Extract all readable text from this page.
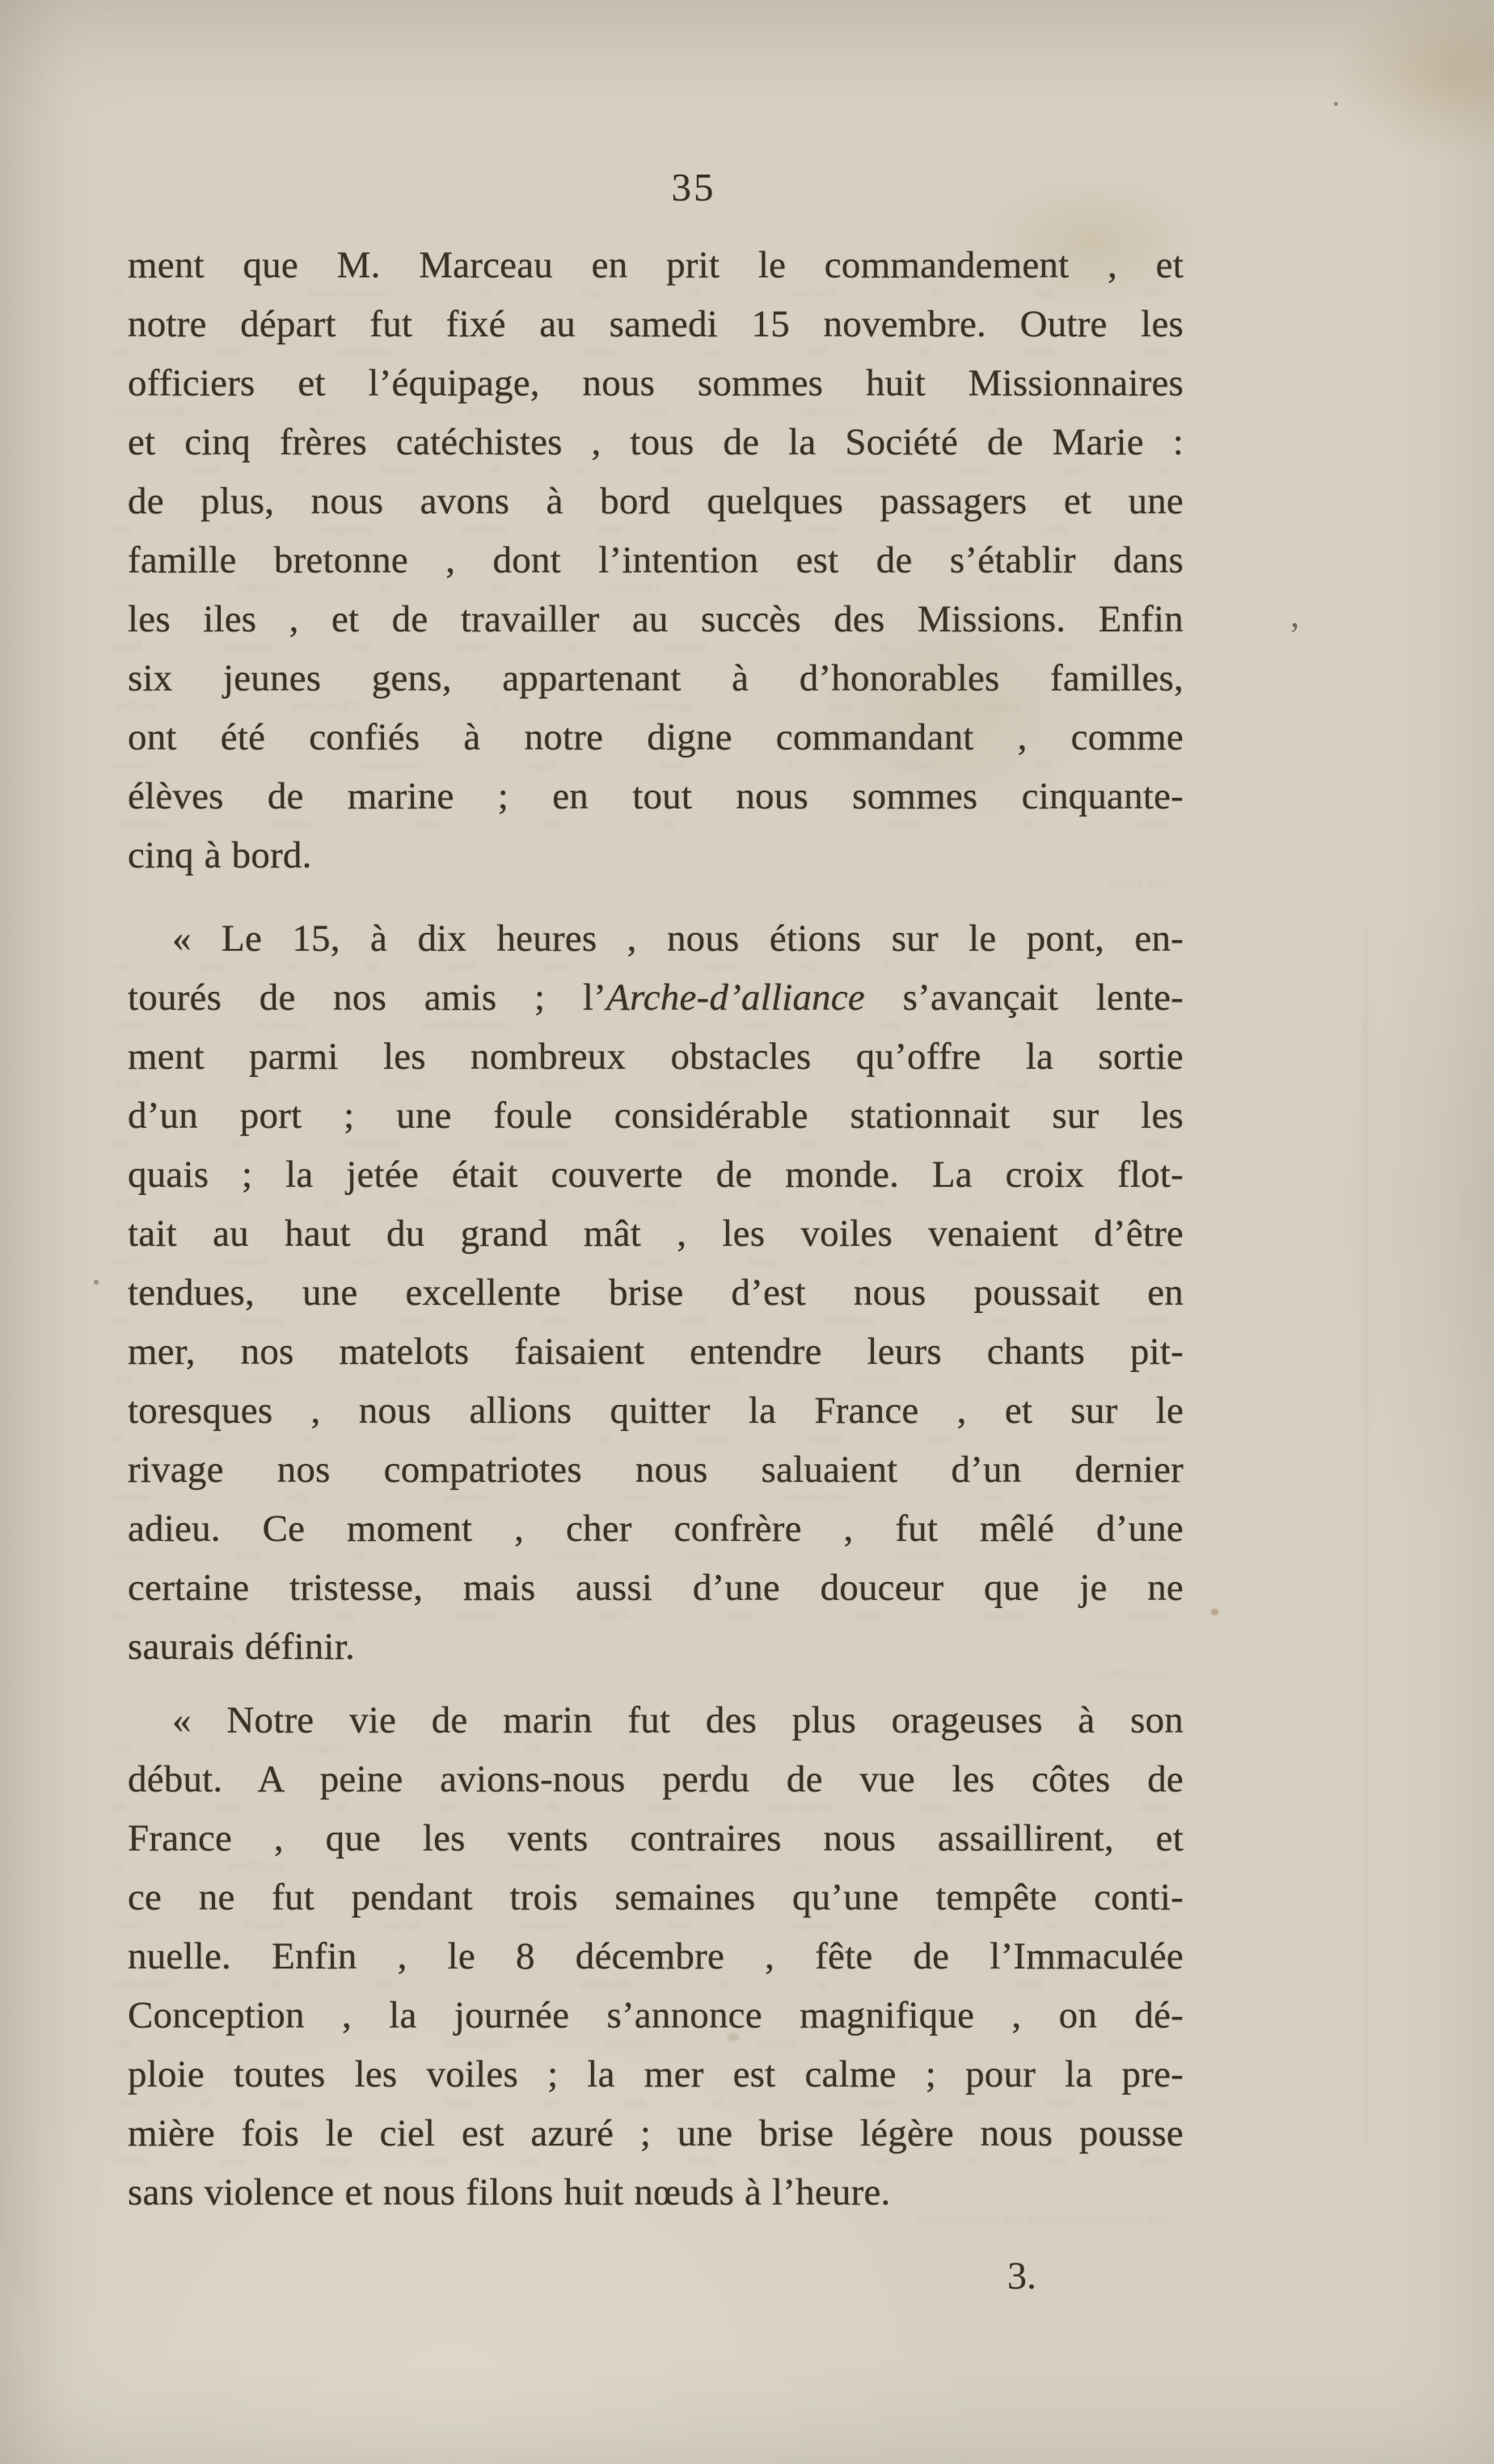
ment que M. Marceau en prit le commandement , et
notre départ fut fixé au samedi 15 novembre. Outre les
officiers et l’équipage, nous sommes huit Missionnaires
et cinq frères catéchistes , tous de la Société de Marie :
de plus, nous avons à bord quelques passagers et une
famille bretonne , dont l’intention est de s’établir dans
les iles , et de travailler au succès des Missions. Enfin
six jeunes gens, appartenant à d’honorables familles,
ont été confiés à notre digne commandant , comme
élèves de marine ; en tout nous sommes cinquante-
cinq à bord.
« Le 15, à dix heures , nous étions sur le pont, en-
tourés de nos amis ; l’Arche-d’alliance s’avançait lente-
ment parmi les nombreux obstacles qu’offre la sortie
d’un port ; une foule considérable stationnait sur les
quais ; la jetée était couverte de monde. La croix flot-
tait au haut du grand mât , les voiles venaient d’être
tendues, une excellente brise d’est nous poussait en
mer, nos matelots faisaient entendre leurs chants pit-
toresques , nous allions quitter la France , et sur le
rivage nos compatriotes nous saluaient d’un dernier
adieu. Ce moment , cher confrère , fut mêlé d’une
certaine tristesse, mais aussi d’une douceur que je ne
saurais définir.
« Notre vie de marin fut des plus orageuses à son
début. A peine avions-nous perdu de vue les côtes de
France , que les vents contraires nous assaillirent, et
ce ne fut pendant trois semaines qu’une tempête conti-
nuelle. Enfin , le 8 décembre , fête de l’Immaculée
Conception , la journée s’annonce magnifique , on dé-
ploie toutes les voiles ; la mer est calme ; pour la pre-
mière fois le ciel est azuré ; une brise légère nous pousse
sans violence et nous filons huit nœuds à l’heure.
35
ment que M. Marceau en prit le commandement , et
notre départ fut fixé au samedi 15 novembre. Outre les
officiers et l’équipage, nous sommes huit Missionnaires
et cinq frères catéchistes , tous de la Société de Marie :
de plus, nous avons à bord quelques passagers et une
famille bretonne , dont l’intention est de s’établir dans
les iles , et de travailler au succès des Missions. Enfin
six jeunes gens, appartenant à d’honorables familles,
ont été confiés à notre digne commandant , comme
élèves de marine ; en tout nous sommes cinquante-
cinq à bord.
« Le 15, à dix heures , nous étions sur le pont, en-
tourés de nos amis ; l’Arche-d’alliance s’avançait lente-
ment parmi les nombreux obstacles qu’offre la sortie
d’un port ; une foule considérable stationnait sur les
quais ; la jetée était couverte de monde. La croix flot-
tait au haut du grand mât , les voiles venaient d’être
tendues, une excellente brise d’est nous poussait en
mer, nos matelots faisaient entendre leurs chants pit-
toresques , nous allions quitter la France , et sur le
rivage nos compatriotes nous saluaient d’un dernier
adieu. Ce moment , cher confrère , fut mêlé d’une
certaine tristesse, mais aussi d’une douceur que je ne
saurais définir.
« Notre vie de marin fut des plus orageuses à son
début. A peine avions-nous perdu de vue les côtes de
France , que les vents contraires nous assaillirent, et
ce ne fut pendant trois semaines qu’une tempête conti-
nuelle. Enfin , le 8 décembre , fête de l’Immaculée
Conception , la journée s’annonce magnifique , on dé-
ploie toutes les voiles ; la mer est calme ; pour la pre-
mière fois le ciel est azuré ; une brise légère nous pousse
sans violence et nous filons huit nœuds à l’heure.
’
3.
